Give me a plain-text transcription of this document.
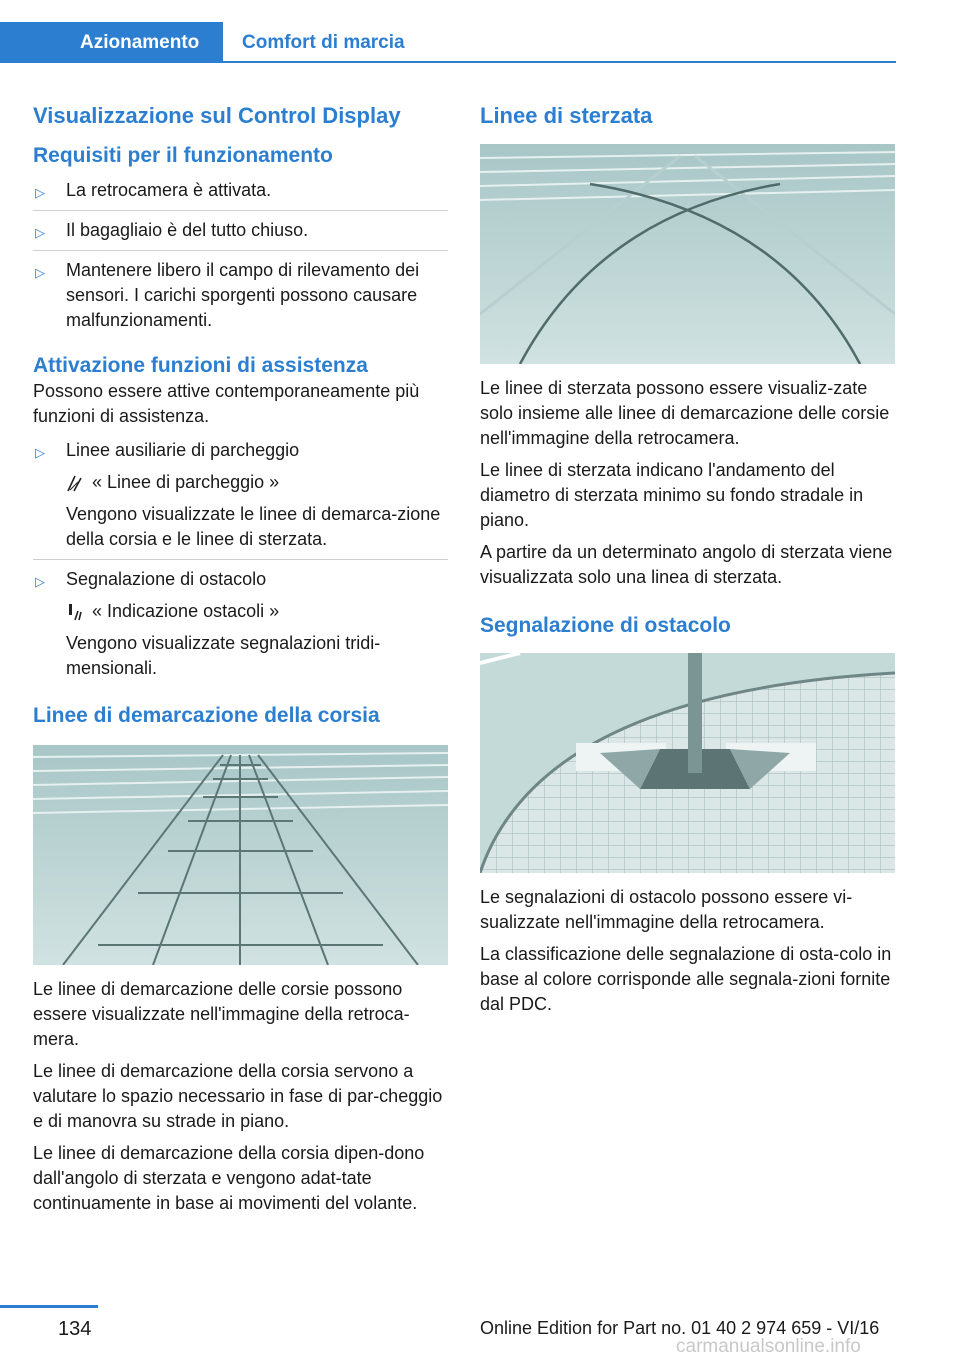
Azionamento	Comfort di marcia
Visualizzazione sul Control Display
Requisiti per il funzionamento
▷ La retrocamera è attivata.
▷ Il bagagliaio è del tutto chiuso.
▷ Mantenere libero il campo di rilevamento dei sensori. I carichi sporgenti possono causare malfunzionamenti.
Attivazione funzioni di assistenza

Possono essere attive contemporaneamente più funzioni di assistenza.

▷ Linee ausiliarie di parcheggio
« Linee di parcheggio »
Vengono visualizzate le linee di demarca-zione della corsia e le linee di sterzata.
▷ Segnalazione di ostacolo
« Indicazione ostacoli »
Vengono visualizzate segnalazioni tridi-mensionali.
Linee di demarcazione della corsia

Le linee di demarcazione delle corsie possono essere visualizzate nell'immagine della retroca-mera.

Le linee di demarcazione della corsia servono a valutare lo spazio necessario in fase di par-cheggio e di manovra su strade in piano.

Le linee di demarcazione della corsia dipen-dono dall'angolo di sterzata e vengono adat-tate continuamente in base ai movimenti del volante.

Linee di sterzata

Le linee di sterzata possono essere visualiz-zate solo insieme alle linee di demarcazione delle corsie nell'immagine della retrocamera.

Le linee di sterzata indicano l'andamento del diametro di sterzata minimo su fondo stradale in piano.

A partire da un determinato angolo di sterzata viene visualizzata solo una linea di sterzata.

Segnalazione di ostacolo

Le segnalazioni di ostacolo possono essere vi-sualizzate nell'immagine della retrocamera.

La classificazione delle segnalazione di osta-colo in base al colore corrisponde alle segnala-zioni fornite dal PDC.

134	Online Edition for Part no. 01 40 2 974 659 - VI/16
carmanualsonline.info
